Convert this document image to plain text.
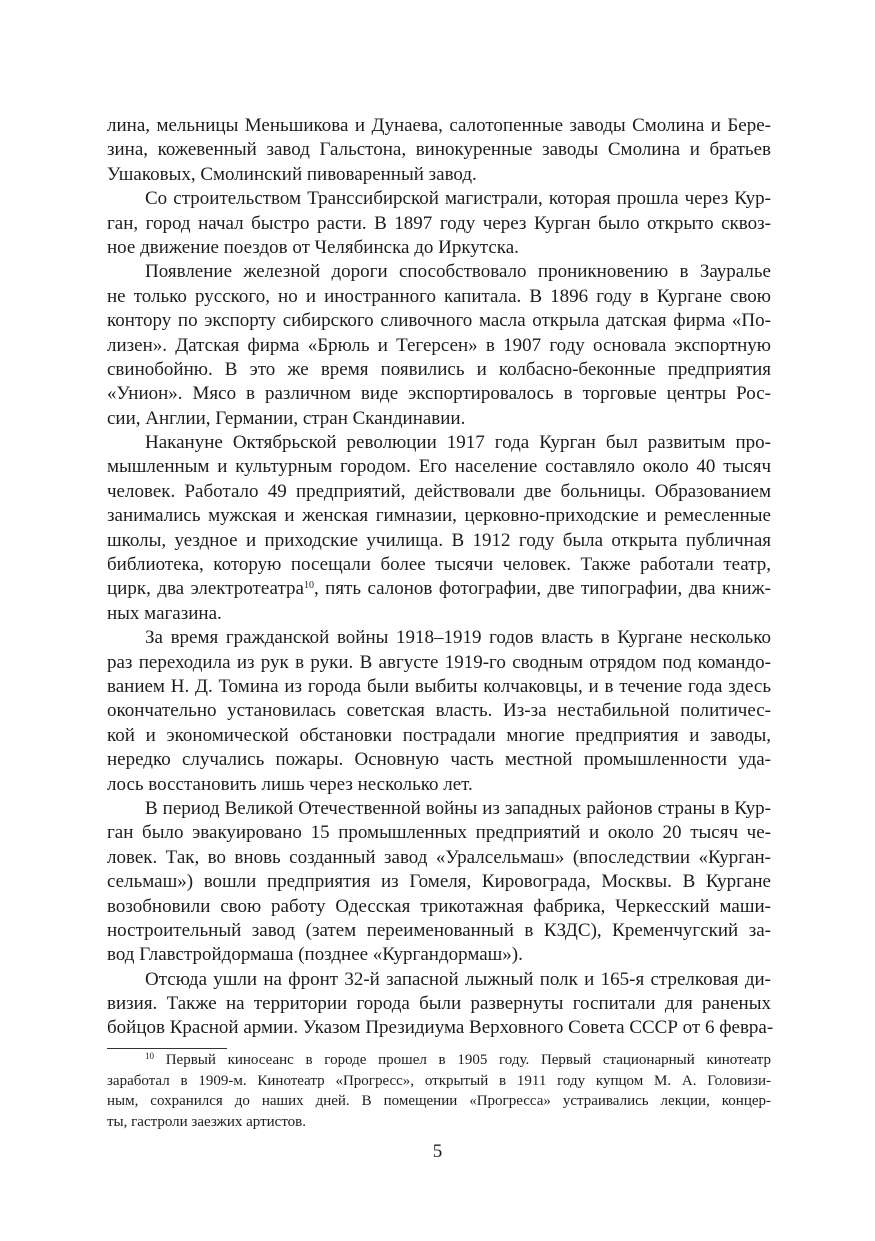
лина, мельницы Меньшикова и Дунаева, салотопенные заводы Смолина и Бере-
зина, кожевенный завод Гальстона, винокуренные заводы Смолина и братьев
Ушаковых, Смолинский пивоваренный завод.
Со строительством Транссибирской магистрали, которая прошла через Кур-
ган, город начал быстро расти. В 1897 году через Курган было открыто сквоз-
ное движение поездов от Челябинска до Иркутска.
Появление железной дороги способствовало проникновению в Зауралье
не только русского, но и иностранного капитала. В 1896 году в Кургане свою
контору по экспорту сибирского сливочного масла открыла датская фирма «По-
лизен». Датская фирма «Брюль и Тегерсен» в 1907 году основала экспортную
свинобойню. В это же время появились и колбасно-беконные предприятия
«Унион». Мясо в различном виде экспортировалось в торговые центры Рос-
сии, Англии, Германии, стран Скандинавии.
Накануне Октябрьской революции 1917 года Курган был развитым про-
мышленным и культурным городом. Его население составляло около 40 тысяч
человек. Работало 49 предприятий, действовали две больницы. Образованием
занимались мужская и женская гимназии, церковно-приходские и ремесленные
школы, уездное и приходские училища. В 1912 году была открыта публичная
библиотека, которую посещали более тысячи человек. Также работали театр,
цирк, два электротеатра$^{10}$, пять салонов фотографии, две типографии, два книж-
ных магазина.
За время гражданской войны 1918–1919 годов власть в Кургане несколько
раз переходила из рук в руки. В августе 1919-го сводным отрядом под командо-
ванием Н. Д. Томина из города были выбиты колчаковцы, и в течение года здесь
окончательно установилась советская власть. Из-за нестабильной политичес-
кой и экономической обстановки пострадали многие предприятия и заводы,
нередко случались пожары. Основную часть местной промышленности уда-
лось восстановить лишь через несколько лет.
В период Великой Отечественной войны из западных районов страны в Кур-
ган было эвакуировано 15 промышленных предприятий и около 20 тысяч че-
ловек. Так, во вновь созданный завод «Уралсельмаш» (впоследствии «Курган-
сельмаш») вошли предприятия из Гомеля, Кировограда, Москвы. В Кургане
возобновили свою работу Одесская трикотажная фабрика, Черкесский маши-
ностроительный завод (затем переименованный в КЗДС), Кременчугский за-
вод Главстройдормаша (позднее «Кургандормаш»).
Отсюда ушли на фронт 32-й запасной лыжный полк и 165-я стрелковая ди-
визия. Также на территории города были развернуты госпитали для раненых
бойцов Красной армии. Указом Президиума Верховного Совета СССР от 6 февра-
$^{10}$ Первый киносеанс в городе прошел в 1905 году. Первый стационарный кинотеатр
заработал в 1909-м. Кинотеатр «Прогресс», открытый в 1911 году купцом М. А. Головизи-
ным, сохранился до наших дней. В помещении «Прогресса» устраивались лекции, концер-
ты, гастроли заезжих артистов.
5
